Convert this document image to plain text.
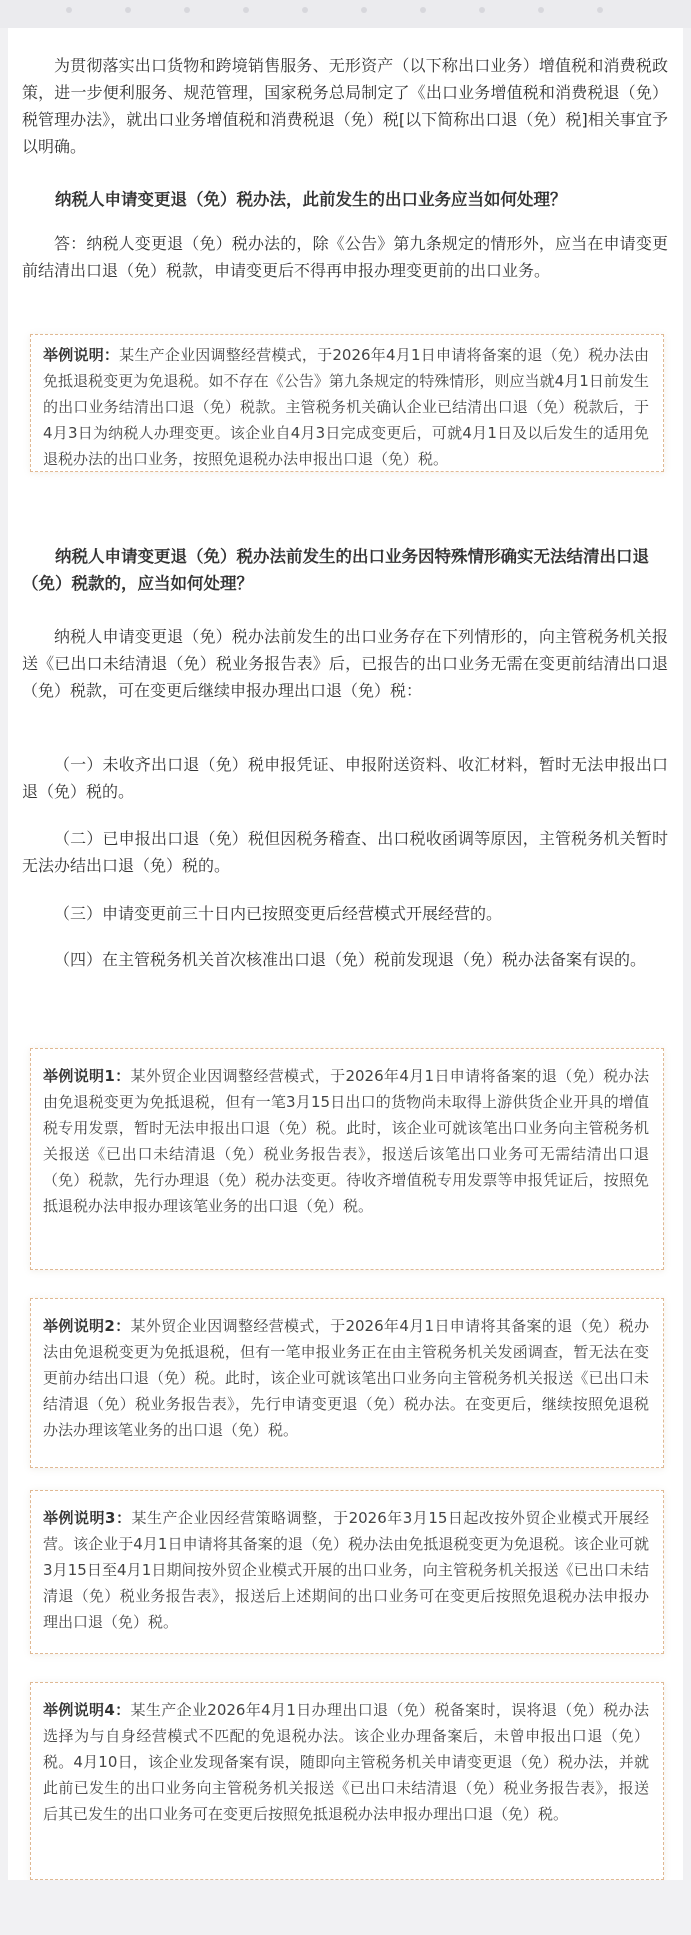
为贯彻落实出口货物和跨境销售服务、无形资产（以下称出口业务）增值税和消费税政策，进一步便利服务、规范管理，国家税务总局制定了《出口业务增值税和消费税退（免）税管理办法》，就出口业务增值税和消费税退（免）税[以下简称出口退（免）税]相关事宜予以明确。

纳税人申请变更退（免）税办法，此前发生的出口业务应当如何处理？

答：纳税人变更退（免）税办法的，除《公告》第九条规定的情形外，应当在申请变更前结清出口退（免）税款，申请变更后不得再申报办理变更前的出口业务。

举例说明：某生产企业因调整经营模式，于2026年4月1日申请将备案的退（免）税办法由免抵退税变更为免退税。如不存在《公告》第九条规定的特殊情形，则应当就4月1日前发生的出口业务结清出口退（免）税款。主管税务机关确认企业已结清出口退（免）税款后，于4月3日为纳税人办理变更。该企业自4月3日完成变更后，可就4月1日及以后发生的适用免退税办法的出口业务，按照免退税办法申报出口退（免）税。

纳税人申请变更退（免）税办法前发生的出口业务因特殊情形确实无法结清出口退（免）税款的，应当如何处理？

纳税人申请变更退（免）税办法前发生的出口业务存在下列情形的，向主管税务机关报送《已出口未结清退（免）税业务报告表》后，已报告的出口业务无需在变更前结清出口退（免）税款，可在变更后继续申报办理出口退（免）税：

（一）未收齐出口退（免）税申报凭证、申报附送资料、收汇材料，暂时无法申报出口退（免）税的。

（二）已申报出口退（免）税但因税务稽查、出口税收函调等原因，主管税务机关暂时无法办结出口退（免）税的。

（三）申请变更前三十日内已按照变更后经营模式开展经营的。

（四）在主管税务机关首次核准出口退（免）税前发现退（免）税办法备案有误的。

举例说明1：某外贸企业因调整经营模式，于2026年4月1日申请将备案的退（免）税办法由免退税变更为免抵退税，但有一笔3月15日出口的货物尚未取得上游供货企业开具的增值税专用发票，暂时无法申报出口退（免）税。此时，该企业可就该笔出口业务向主管税务机关报送《已出口未结清退（免）税业务报告表》，报送后该笔出口业务可无需结清出口退（免）税款，先行办理退（免）税办法变更。待收齐增值税专用发票等申报凭证后，按照免抵退税办法申报办理该笔业务的出口退（免）税。

举例说明2：某外贸企业因调整经营模式，于2026年4月1日申请将其备案的退（免）税办法由免退税变更为免抵退税，但有一笔申报业务正在由主管税务机关发函调查，暂无法在变更前办结出口退（免）税。此时，该企业可就该笔出口业务向主管税务机关报送《已出口未结清退（免）税业务报告表》，先行申请变更退（免）税办法。在变更后，继续按照免退税办法办理该笔业务的出口退（免）税。

举例说明3：某生产企业因经营策略调整，于2026年3月15日起改按外贸企业模式开展经营。该企业于4月1日申请将其备案的退（免）税办法由免抵退税变更为免退税。该企业可就3月15日至4月1日期间按外贸企业模式开展的出口业务，向主管税务机关报送《已出口未结清退（免）税业务报告表》，报送后上述期间的出口业务可在变更后按照免退税办法申报办理出口退（免）税。

举例说明4：某生产企业2026年4月1日办理出口退（免）税备案时，误将退（免）税办法选择为与自身经营模式不匹配的免退税办法。该企业办理备案后，未曾申报出口退（免）税。4月10日，该企业发现备案有误，随即向主管税务机关申请变更退（免）税办法，并就此前已发生的出口业务向主管税务机关报送《已出口未结清退（免）税业务报告表》，报送后其已发生的出口业务可在变更后按照免抵退税办法申报办理出口退（免）税。
